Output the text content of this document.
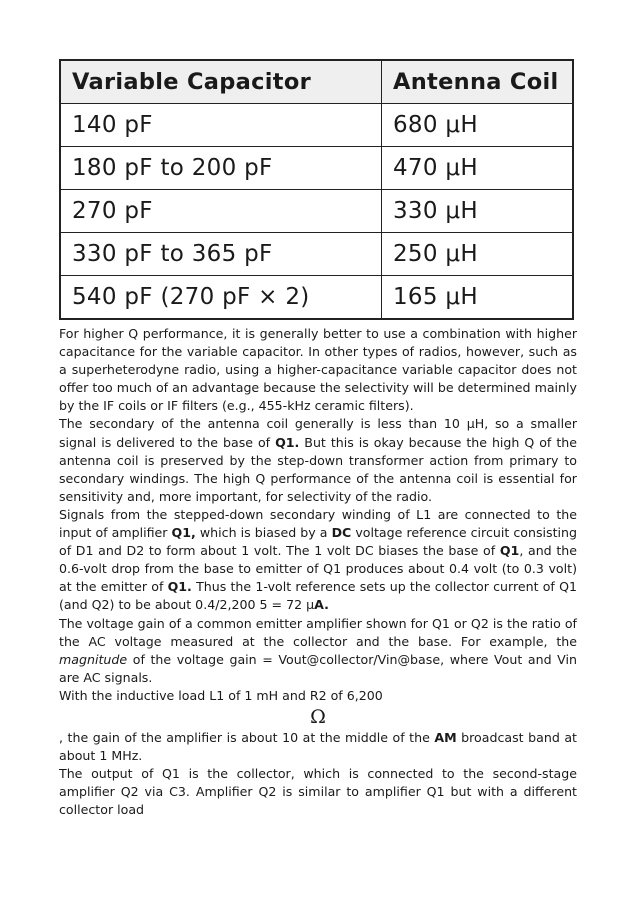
Variable Capacitor	Antenna Coil
140 pF	680 μH
180 pF to 200 pF	470 μH
270 pF	330 μH
330 pF to 365 pF	250 μH
540 pF (270 pF × 2)	165 μH

For higher Q performance, it is generally better to use a combination with higher capacitance for the variable capacitor. In other types of radios, however, such as a superheterodyne radio, using a higher-capacitance variable capacitor does not offer too much of an advantage because the selectivity will be determined mainly by the IF coils or IF filters (e.g., 455-kHz ceramic filters).

The secondary of the antenna coil generally is less than 10 μH, so a smaller signal is delivered to the base of Q1. But this is okay because the high Q of the antenna coil is preserved by the step-down transformer action from primary to secondary windings. The high Q performance of the antenna coil is essential for sensitivity and, more important, for selectivity of the radio.

Signals from the stepped-down secondary winding of L1 are connected to the input of amplifier Q1, which is biased by a DC voltage reference circuit consisting of D1 and D2 to form about 1 volt. The 1 volt DC biases the base of Q1, and the 0.6-volt drop from the base to emitter of Q1 produces about 0.4 volt (to 0.3 volt) at the emitter of Q1. Thus the 1-volt reference sets up the collector current of Q1 (and Q2) to be about 0.4/2,200 5 = 72 μA.

The voltage gain of a common emitter amplifier shown for Q1 or Q2 is the ratio of the AC voltage measured at the collector and the base. For example, the magnitude of the voltage gain = Vout@collector/Vin@base, where Vout and Vin are AC signals.

With the inductive load L1 of 1 mH and R2 of 6,200

Ω

, the gain of the amplifier is about 10 at the middle of the AM broadcast band at about 1 MHz.

The output of Q1 is the collector, which is connected to the second-stage amplifier Q2 via C3. Amplifier Q2 is similar to amplifier Q1 but with a different collector load
